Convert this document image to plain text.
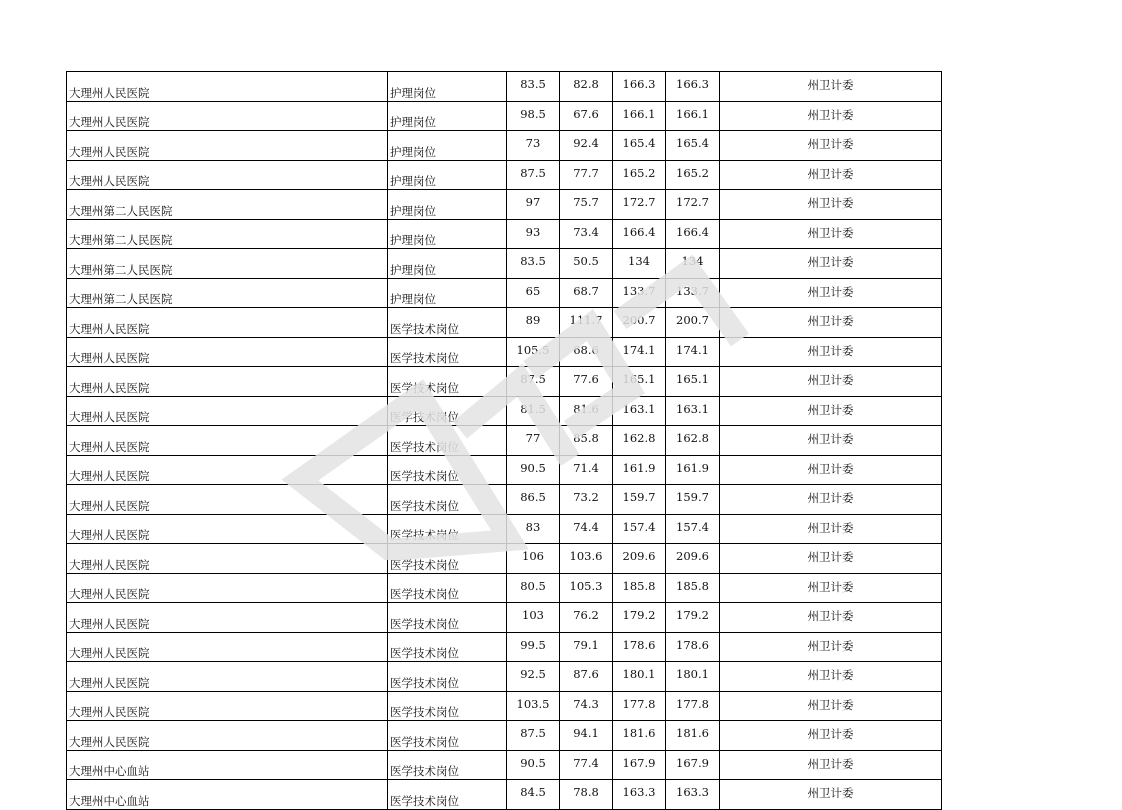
大理州人民医院	护理岗位	83.5	82.8	166.3	166.3	州卫计委
大理州人民医院	护理岗位	98.5	67.6	166.1	166.1	州卫计委
大理州人民医院	护理岗位	73	92.4	165.4	165.4	州卫计委
大理州人民医院	护理岗位	87.5	77.7	165.2	165.2	州卫计委
大理州第二人民医院	护理岗位	97	75.7	172.7	172.7	州卫计委
大理州第二人民医院	护理岗位	93	73.4	166.4	166.4	州卫计委
大理州第二人民医院	护理岗位	83.5	50.5	134	134	州卫计委
大理州第二人民医院	护理岗位	65	68.7	133.7	133.7	州卫计委
大理州人民医院	医学技术岗位	89	111.7	200.7	200.7	州卫计委
大理州人民医院	医学技术岗位	105.5	68.6	174.1	174.1	州卫计委
大理州人民医院	医学技术岗位	87.5	77.6	165.1	165.1	州卫计委
大理州人民医院	医学技术岗位	81.5	81.6	163.1	163.1	州卫计委
大理州人民医院	医学技术岗位	77	85.8	162.8	162.8	州卫计委
大理州人民医院	医学技术岗位	90.5	71.4	161.9	161.9	州卫计委
大理州人民医院	医学技术岗位	86.5	73.2	159.7	159.7	州卫计委
大理州人民医院	医学技术岗位	83	74.4	157.4	157.4	州卫计委
大理州人民医院	医学技术岗位	106	103.6	209.6	209.6	州卫计委
大理州人民医院	医学技术岗位	80.5	105.3	185.8	185.8	州卫计委
大理州人民医院	医学技术岗位	103	76.2	179.2	179.2	州卫计委
大理州人民医院	医学技术岗位	99.5	79.1	178.6	178.6	州卫计委
大理州人民医院	医学技术岗位	92.5	87.6	180.1	180.1	州卫计委
大理州人民医院	医学技术岗位	103.5	74.3	177.8	177.8	州卫计委
大理州人民医院	医学技术岗位	87.5	94.1	181.6	181.6	州卫计委
大理州中心血站	医学技术岗位	90.5	77.4	167.9	167.9	州卫计委
大理州中心血站	医学技术岗位	84.5	78.8	163.3	163.3	州卫计委
